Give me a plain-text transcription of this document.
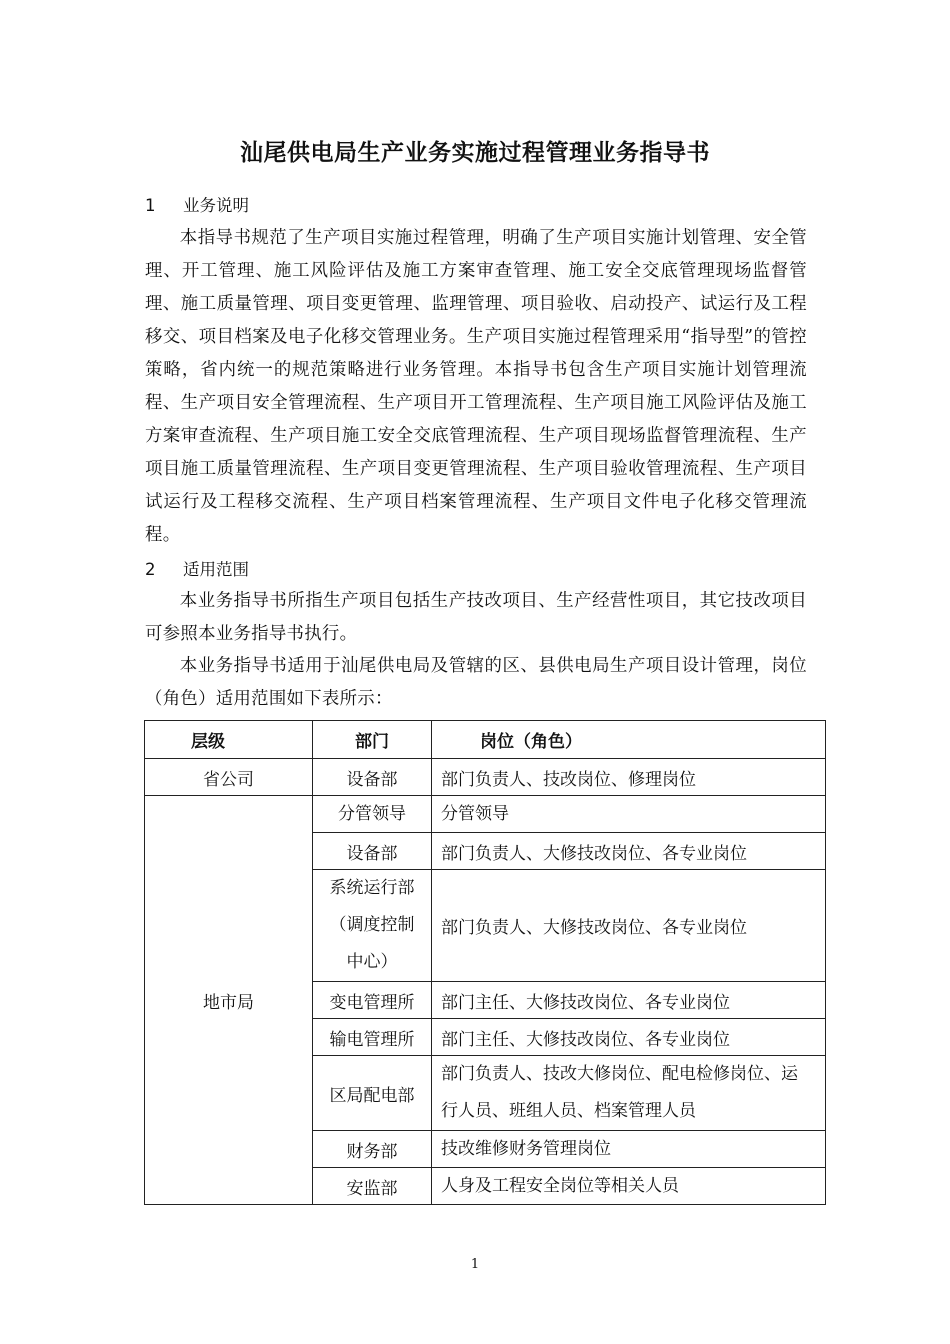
汕尾供电局生产业务实施过程管理业务指导书
1 业务说明

本指导书规范了生产项目实施过程管理，明确了生产项目实施计划管理、安全管理、开工管理、施工风险评估及施工方案审查管理、施工安全交底管理现场监督管理、施工质量管理、项目变更管理、监理管理、项目验收、启动投产、试运行及工程移交、项目档案及电子化移交管理业务。生产项目实施过程管理采用“指导型”的管控策略，省内统一的规范策略进行业务管理。本指导书包含生产项目实施计划管理流程、生产项目安全管理流程、生产项目开工管理流程、生产项目施工风险评估及施工方案审查流程、生产项目施工安全交底管理流程、生产项目现场监督管理流程、生产项目施工质量管理流程、生产项目变更管理流程、生产项目验收管理流程、生产项目试运行及工程移交流程、生产项目档案管理流程、生产项目文件电子化移交管理流程。

2 适用范围

本业务指导书所指生产项目包括生产技改项目、生产经营性项目，其它技改项目可参照本业务指导书执行。

本业务指导书适用于汕尾供电局及管辖的区、县供电局生产项目设计管理，岗位（角色）适用范围如下表所示：

层级	部门	岗位（角色）
省公司	设备部	部门负责人、技改岗位、修理岗位
地市局	分管领导	分管领导
	设备部	部门负责人、大修技改岗位、各专业岗位
	系统运行部（调度控制中心）	部门负责人、大修技改岗位、各专业岗位
	变电管理所	部门主任、大修技改岗位、各专业岗位
	输电管理所	部门主任、大修技改岗位、各专业岗位
	区局配电部	部门负责人、技改大修岗位、配电检修岗位、运行人员、班组人员、档案管理人员
	财务部	技改维修财务管理岗位
	安监部	人身及工程安全岗位等相关人员
1
